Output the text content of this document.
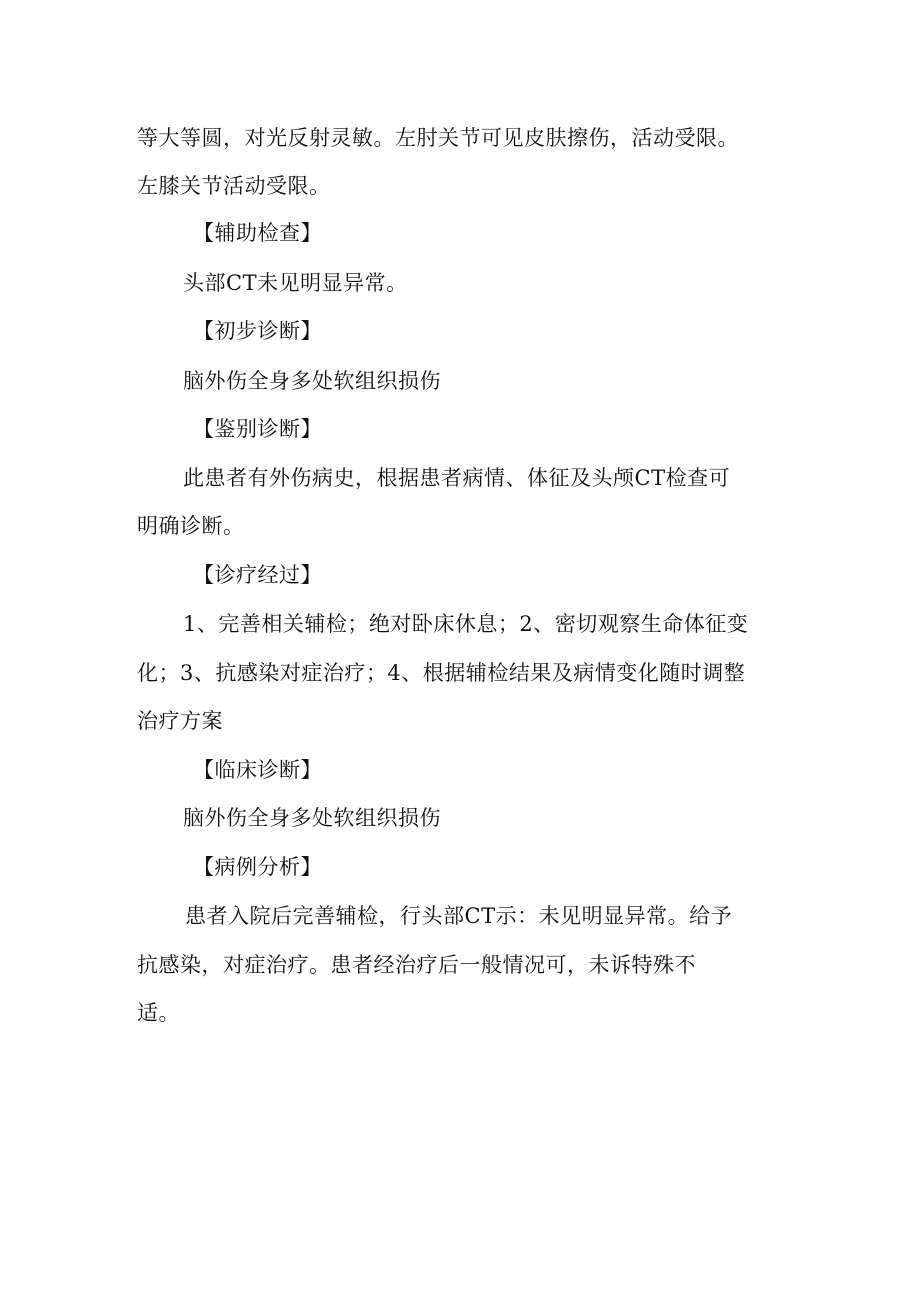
等大等圆，对光反射灵敏。左肘关节可见皮肤擦伤，活动受限。
左膝关节活动受限。
【辅助检查】
头部CT未见明显异常。
【初步诊断】
脑外伤全身多处软组织损伤
【鉴别诊断】
此患者有外伤病史，根据患者病情、体征及头颅CT检查可
明确诊断。
【诊疗经过】
1、完善相关辅检；绝对卧床休息；2、密切观察生命体征变
化；3、抗感染对症治疗；4、根据辅检结果及病情变化随时调整
治疗方案
【临床诊断】
脑外伤全身多处软组织损伤
【病例分析】
患者入院后完善辅检，行头部CT示：未见明显异常。给予
抗感染，对症治疗。患者经治疗后一般情况可，未诉特殊不
适。
